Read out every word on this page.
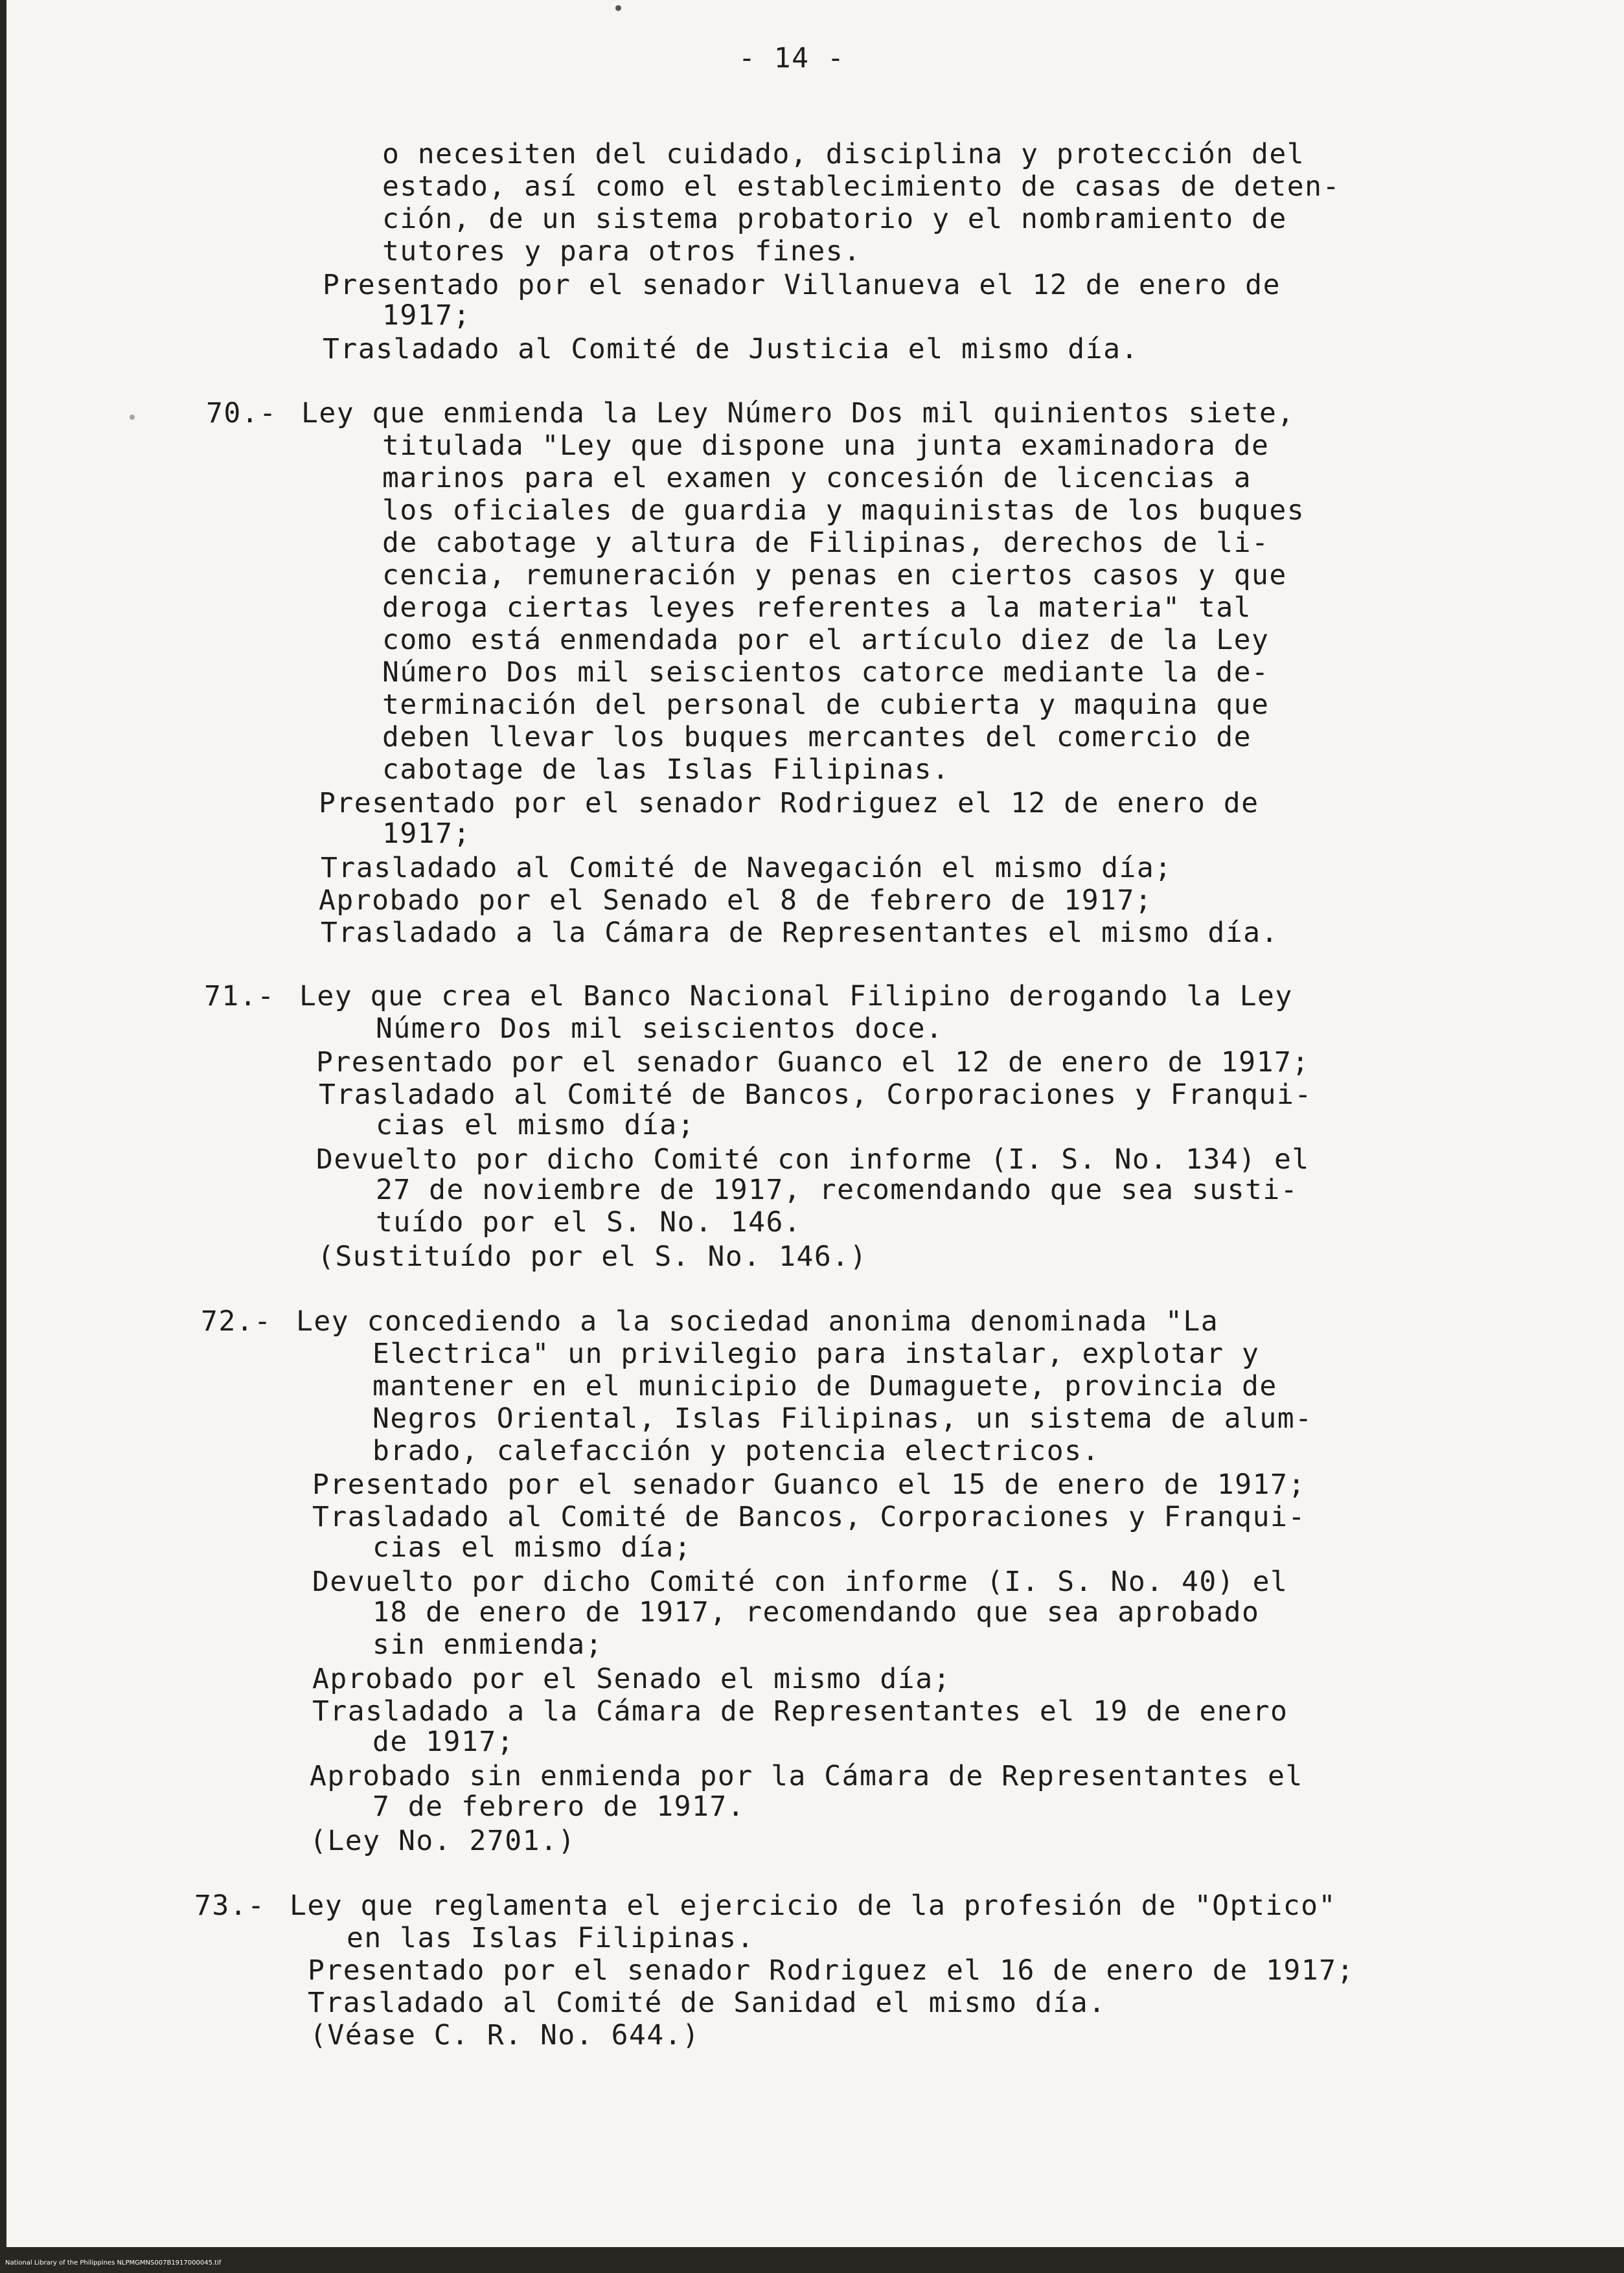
- 14 -
o necesiten del cuidado, disciplina y protección del
estado, así como el establecimiento de casas de deten-
ción, de un sistema probatorio y el nombramiento de
tutores y para otros fines.
Presentado por el senador Villanueva el 12 de enero de
1917;
Trasladado al Comité de Justicia el mismo día.
70.- Ley que enmienda la Ley Número Dos mil quinientos siete,
titulada "Ley que dispone una junta examinadora de
marinos para el examen y concesión de licencias a
los oficiales de guardia y maquinistas de los buques
de cabotage y altura de Filipinas, derechos de li-
cencia, remuneración y penas en ciertos casos y que
deroga ciertas leyes referentes a la materia" tal
como está enmendada por el artículo diez de la Ley
Número Dos mil seiscientos catorce mediante la de-
terminación del personal de cubierta y maquina que
deben llevar los buques mercantes del comercio de
cabotage de las Islas Filipinas.
Presentado por el senador Rodriguez el 12 de enero de
1917;
Trasladado al Comité de Navegación el mismo día;
Aprobado por el Senado el 8 de febrero de 1917;
Trasladado a la Cámara de Representantes el mismo día.
71.- Ley que crea el Banco Nacional Filipino derogando la Ley
Número Dos mil seiscientos doce.
Presentado por el senador Guanco el 12 de enero de 1917;
Trasladado al Comité de Bancos, Corporaciones y Franqui-
cias el mismo día;
Devuelto por dicho Comité con informe (I. S. No. 134) el
27 de noviembre de 1917, recomendando que sea susti-
tuído por el S. No. 146.
(Sustituído por el S. No. 146.)
72.- Ley concediendo a la sociedad anonima denominada "La
Electrica" un privilegio para instalar, explotar y
mantener en el municipio de Dumaguete, provincia de
Negros Oriental, Islas Filipinas, un sistema de alum-
brado, calefacción y potencia electricos.
Presentado por el senador Guanco el 15 de enero de 1917;
Trasladado al Comité de Bancos, Corporaciones y Franqui-
cias el mismo día;
Devuelto por dicho Comité con informe (I. S. No. 40) el
18 de enero de 1917, recomendando que sea aprobado
sin enmienda;
Aprobado por el Senado el mismo día;
Trasladado a la Cámara de Representantes el 19 de enero
de 1917;
Aprobado sin enmienda por la Cámara de Representantes el
7 de febrero de 1917.
(Ley No. 2701.)
73.- Ley que reglamenta el ejercicio de la profesión de "Optico"
en las Islas Filipinas.
Presentado por el senador Rodriguez el 16 de enero de 1917;
Trasladado al Comité de Sanidad el mismo día.
(Véase C. R. No. 644.)
National Library of the Philippines NLPMGMNS007B1917000045.tif
